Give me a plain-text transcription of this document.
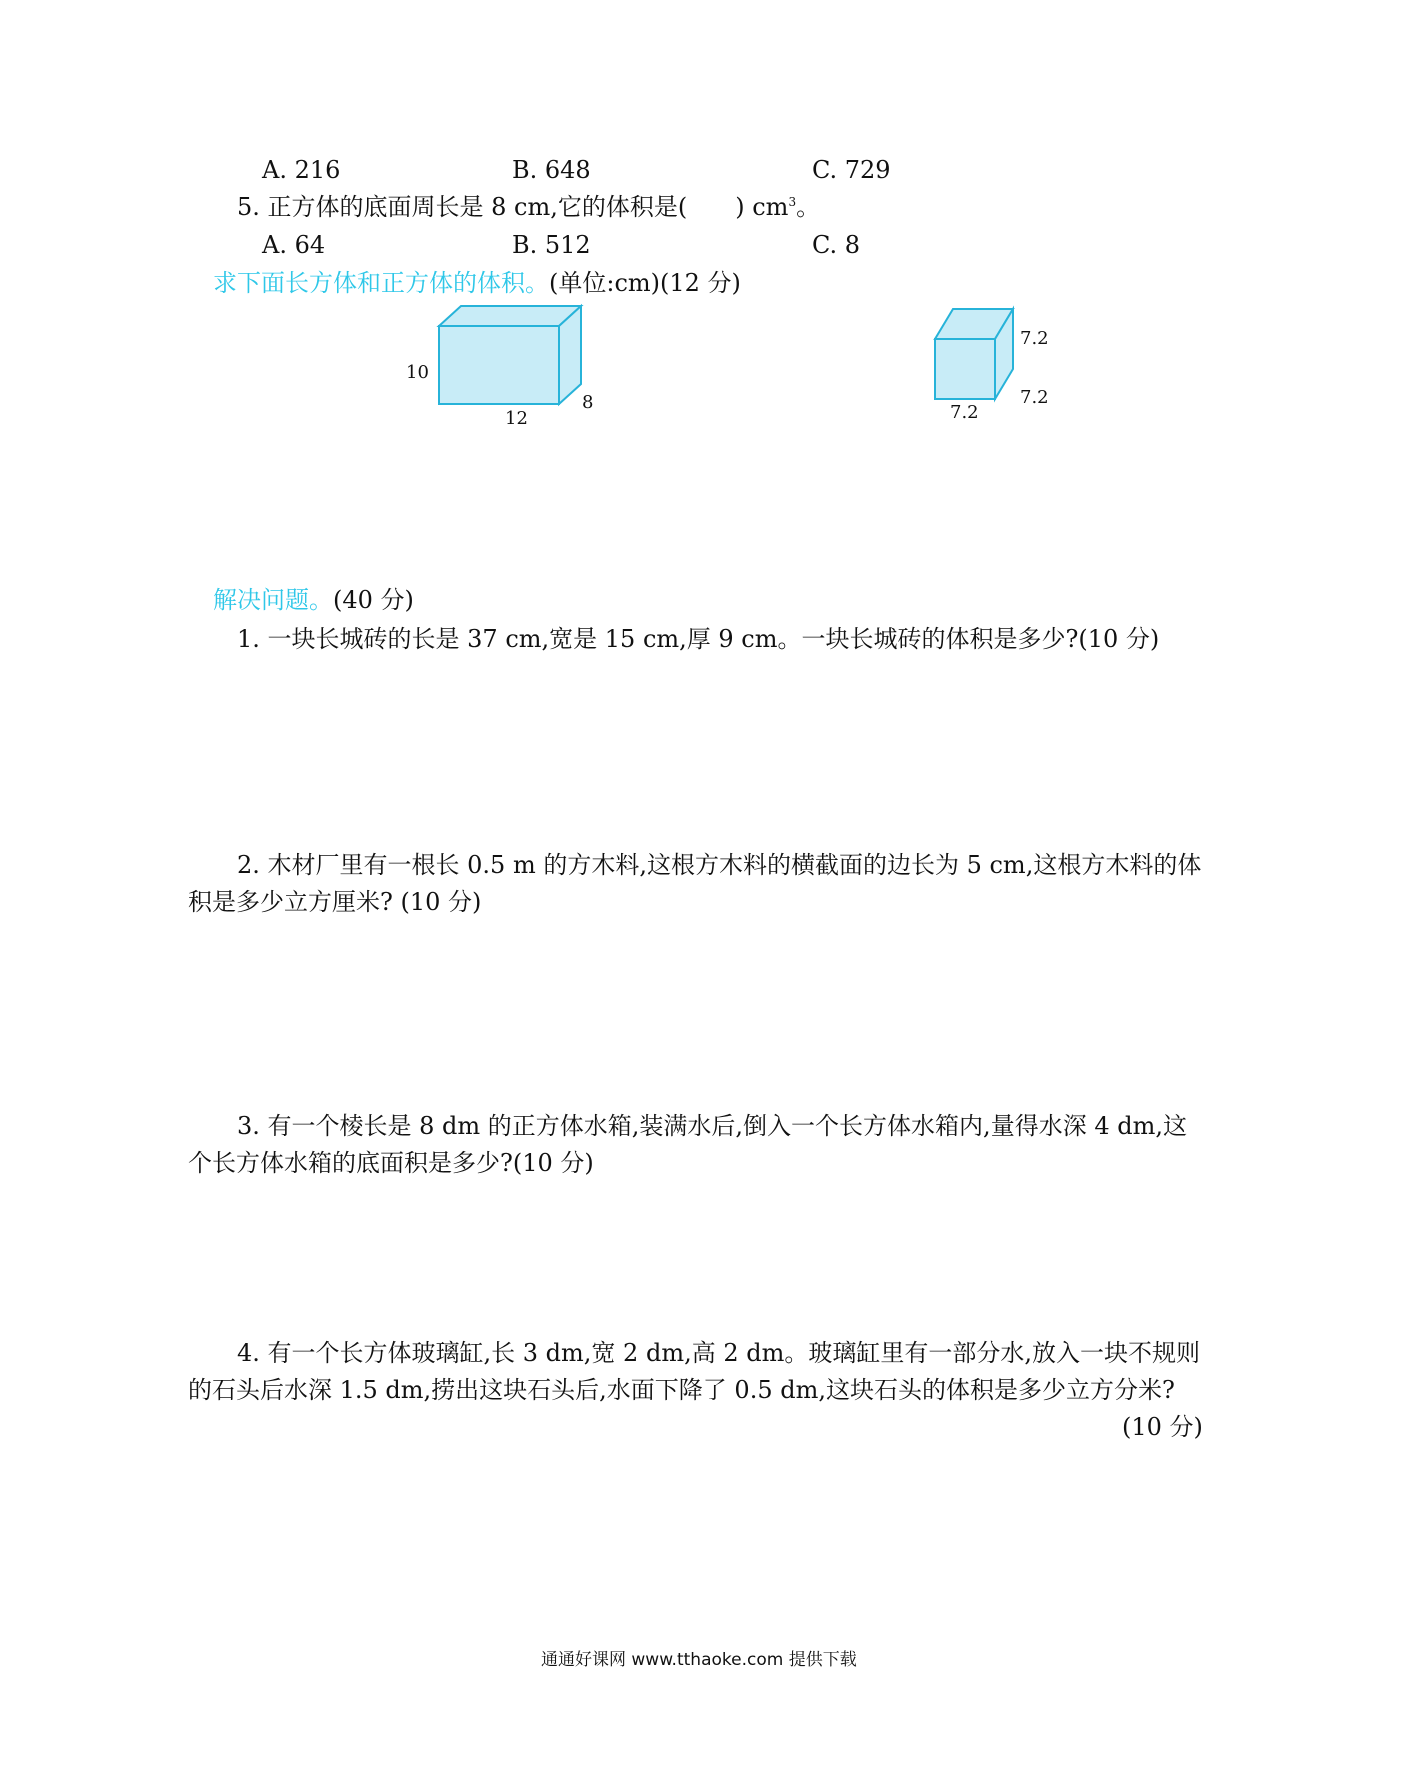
A. 216	B. 648	C. 729
5. 正方体的底面周长是 8 cm,它的体积是(　　) $cm^3$。
A. 64	B. 512	C. 8
求下面长方体和正方体的体积。(单位:cm)(12 分)
10
12
8
7.2
7.2
7.2
解决问题。(40 分)
1. 一块长城砖的长是 37 cm,宽是 15 cm,厚 9 cm。一块长城砖的体积是多少?(10 分)
2. 木材厂里有一根长 0.5 m 的方木料,这根方木料的横截面的边长为 5 cm,这根方木料的体
积是多少立方厘米? (10 分)
3. 有一个棱长是 8 dm 的正方体水箱,装满水后,倒入一个长方体水箱内,量得水深 4 dm,这
个长方体水箱的底面积是多少?(10 分)
4. 有一个长方体玻璃缸,长 3 dm,宽 2 dm,高 2 dm。玻璃缸里有一部分水,放入一块不规则
的石头后水深 1.5 dm,捞出这块石头后,水面下降了 0.5 dm,这块石头的体积是多少立方分米?
(10 分)
通通好课网 www.tthaoke.com 提供下载
